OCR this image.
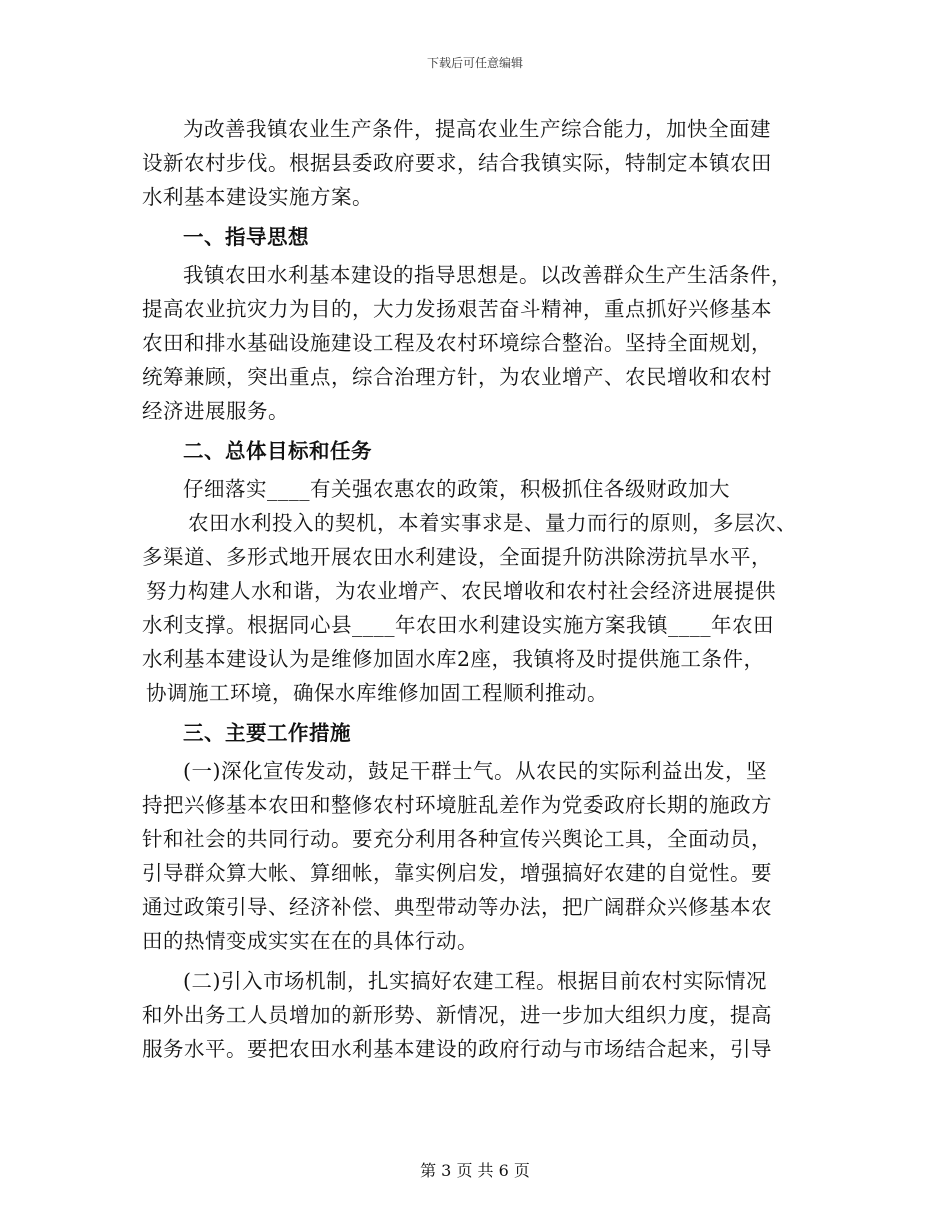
下载后可任意编辑
为改善我镇农业生产条件，提高农业生产综合能力，加快全面建
设新农村步伐。根据县委政府要求，结合我镇实际，特制定本镇农田
水利基本建设实施方案。
一、指导思想
我镇农田水利基本建设的指导思想是。以改善群众生产生活条件，
提高农业抗灾力为目的，大力发扬艰苦奋斗精神，重点抓好兴修基本
农田和排水基础设施建设工程及农村环境综合整治。坚持全面规划，
统筹兼顾，突出重点，综合治理方针，为农业增产、农民增收和农村
经济进展服务。
二、总体目标和任务
仔细落实____有关强农惠农的政策，积极抓住各级财政加大
农田水利投入的契机，本着实事求是、量力而行的原则，多层次、
多渠道、多形式地开展农田水利建设，全面提升防洪除涝抗旱水平，
努力构建人水和谐，为农业增产、农民增收和农村社会经济进展提供
水利支撑。根据同心县____年农田水利建设实施方案我镇____年农田
水利基本建设认为是维修加固水库2座，我镇将及时提供施工条件，
协调施工环境，确保水库维修加固工程顺利推动。
三、主要工作措施
(一)深化宣传发动，鼓足干群士气。从农民的实际利益出发，坚
持把兴修基本农田和整修农村环境脏乱差作为党委政府长期的施政方
针和社会的共同行动。要充分利用各种宣传兴舆论工具，全面动员，
引导群众算大帐、算细帐，靠实例启发，增强搞好农建的自觉性。要
通过政策引导、经济补偿、典型带动等办法，把广阔群众兴修基本农
田的热情变成实实在在的具体行动。
(二)引入市场机制，扎实搞好农建工程。根据目前农村实际情况
和外出务工人员增加的新形势、新情况，进一步加大组织力度，提高
服务水平。要把农田水利基本建设的政府行动与市场结合起来，引导
第 3 页 共 6 页
